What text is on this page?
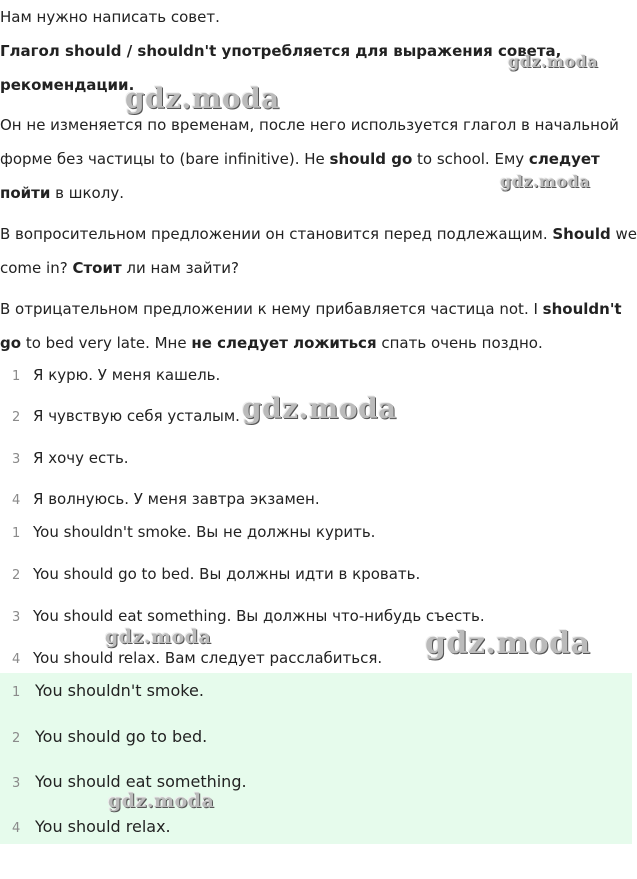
Нам нужно написать совет.
Глагол should / shouldn't употребляется для выражения совета,
рекомендации.
Он не изменяется по временам, после него используется глагол в начальной
форме без частицы to (bare infinitive). Не should go to school. Ему следует
пойти в школу.
В вопросительном предложении он становится перед подлежащим. Should we
come in? Стоит ли нам зайти?
В отрицательном предложении к нему прибавляется частица not. I shouldn't
go to bed very late. Мне не следует ложиться спать очень поздно.
1 Я курю. У меня кашель.
2 Я чувствую себя усталым.
3 Я хочу есть.
4 Я волнуюсь. У меня завтра экзамен.
1 You shouldn't smoke. Вы не должны курить.
2 You should go to bed. Вы должны идти в кровать.
3 You should eat something. Вы должны что-нибудь съесть.
4 You should relax. Вам следует расслабиться.
1 You shouldn't smoke.
2 You should go to bed.
3 You should eat something.
4 You should relax.
gdz.moda
gdz.moda
gdz.moda
gdz.moda
gdz.moda	gdz.moda
gdz.moda
